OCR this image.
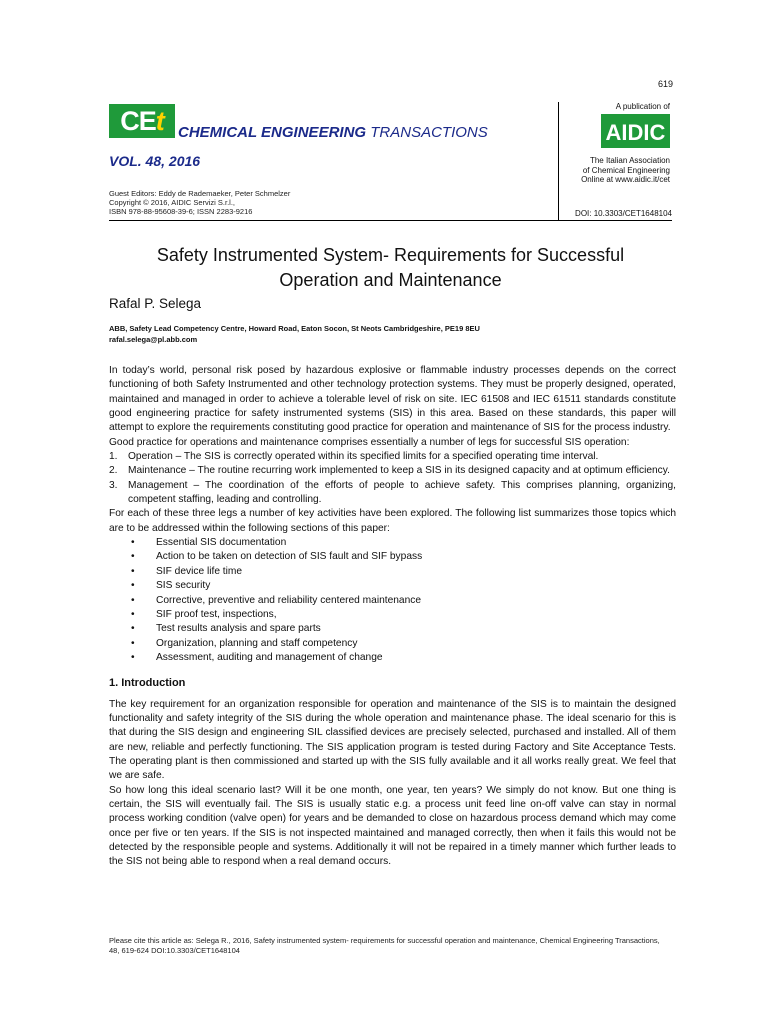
619
CEt CHEMICAL ENGINEERING TRANSACTIONS
VOL. 48, 2016
A publication of
AIDIC
The Italian Association
of Chemical Engineering
Online at www.aidic.it/cet
Guest Editors: Eddy de Rademaeker, Peter Schmelzer
Copyright © 2016, AIDIC Servizi S.r.l.,
ISBN 978-88-95608-39-6; ISSN 2283-9216	DOI: 10.3303/CET1648104
Safety Instrumented System- Requirements for Successful
Operation and Maintenance
Rafal P. Selega
ABB, Safety Lead Competency Centre, Howard Road, Eaton Socon, St Neots Cambridgeshire, PE19 8EU
rafal.selega@pl.abb.com

In today’s world, personal risk posed by hazardous explosive or flammable industry processes depends on the correct functioning of both Safety Instrumented and other technology protection systems. They must be properly designed, operated, maintained and managed in order to achieve a tolerable level of risk on site. IEC 61508 and IEC 61511 standards constitute good engineering practice for safety instrumented systems (SIS) in this area. Based on these standards, this paper will attempt to explore the requirements constituting good practice for operation and maintenance of SIS for the process industry.

Good practice for operations and maintenance comprises essentially a number of legs for successful SIS operation:

1. Operation – The SIS is correctly operated within its specified limits for a specified operating time interval.
2. Maintenance – The routine recurring work implemented to keep a SIS in its designed capacity and at optimum efficiency.
3. Management – The coordination of the efforts of people to achieve safety. This comprises planning, organizing, competent staffing, leading and controlling.

For each of these three legs a number of key activities have been explored. The following list summarizes those topics which are to be addressed within the following sections of this paper:

• Essential SIS documentation
• Action to be taken on detection of SIS fault and SIF bypass
• SIF device life time
• SIS security
• Corrective, preventive and reliability centered maintenance
• SIF proof test, inspections,
• Test results analysis and spare parts
• Organization, planning and staff competency
• Assessment, auditing and management of change

1. Introduction

The key requirement for an organization responsible for operation and maintenance of the SIS is to maintain the designed functionality and safety integrity of the SIS during the whole operation and maintenance phase. The ideal scenario for this is that during the SIS design and engineering SIL classified devices are precisely selected, purchased and installed. All of them are new, reliable and perfectly functioning. The SIS application program is tested during Factory and Site Acceptance Tests. The operating plant is then commissioned and started up with the SIS fully available and it all works really great. We feel that we are safe.

So how long this ideal scenario last? Will it be one month, one year, ten years? We simply do not know. But one thing is certain, the SIS will eventually fail. The SIS is usually static e.g. a process unit feed line on-off valve can stay in normal process working condition (valve open) for years and be demanded to close on hazardous process demand which may come once per five or ten years. If the SIS is not inspected maintained and managed correctly, then when it fails this would not be detected by the responsible people and systems. Additionally it will not be repaired in a timely manner which further leads to the SIS not being able to respond when a real demand occurs.

Please cite this article as: Selega R., 2016, Safety instrumented system- requirements for successful operation and maintenance, Chemical Engineering Transactions, 48, 619-624 DOI:10.3303/CET1648104
